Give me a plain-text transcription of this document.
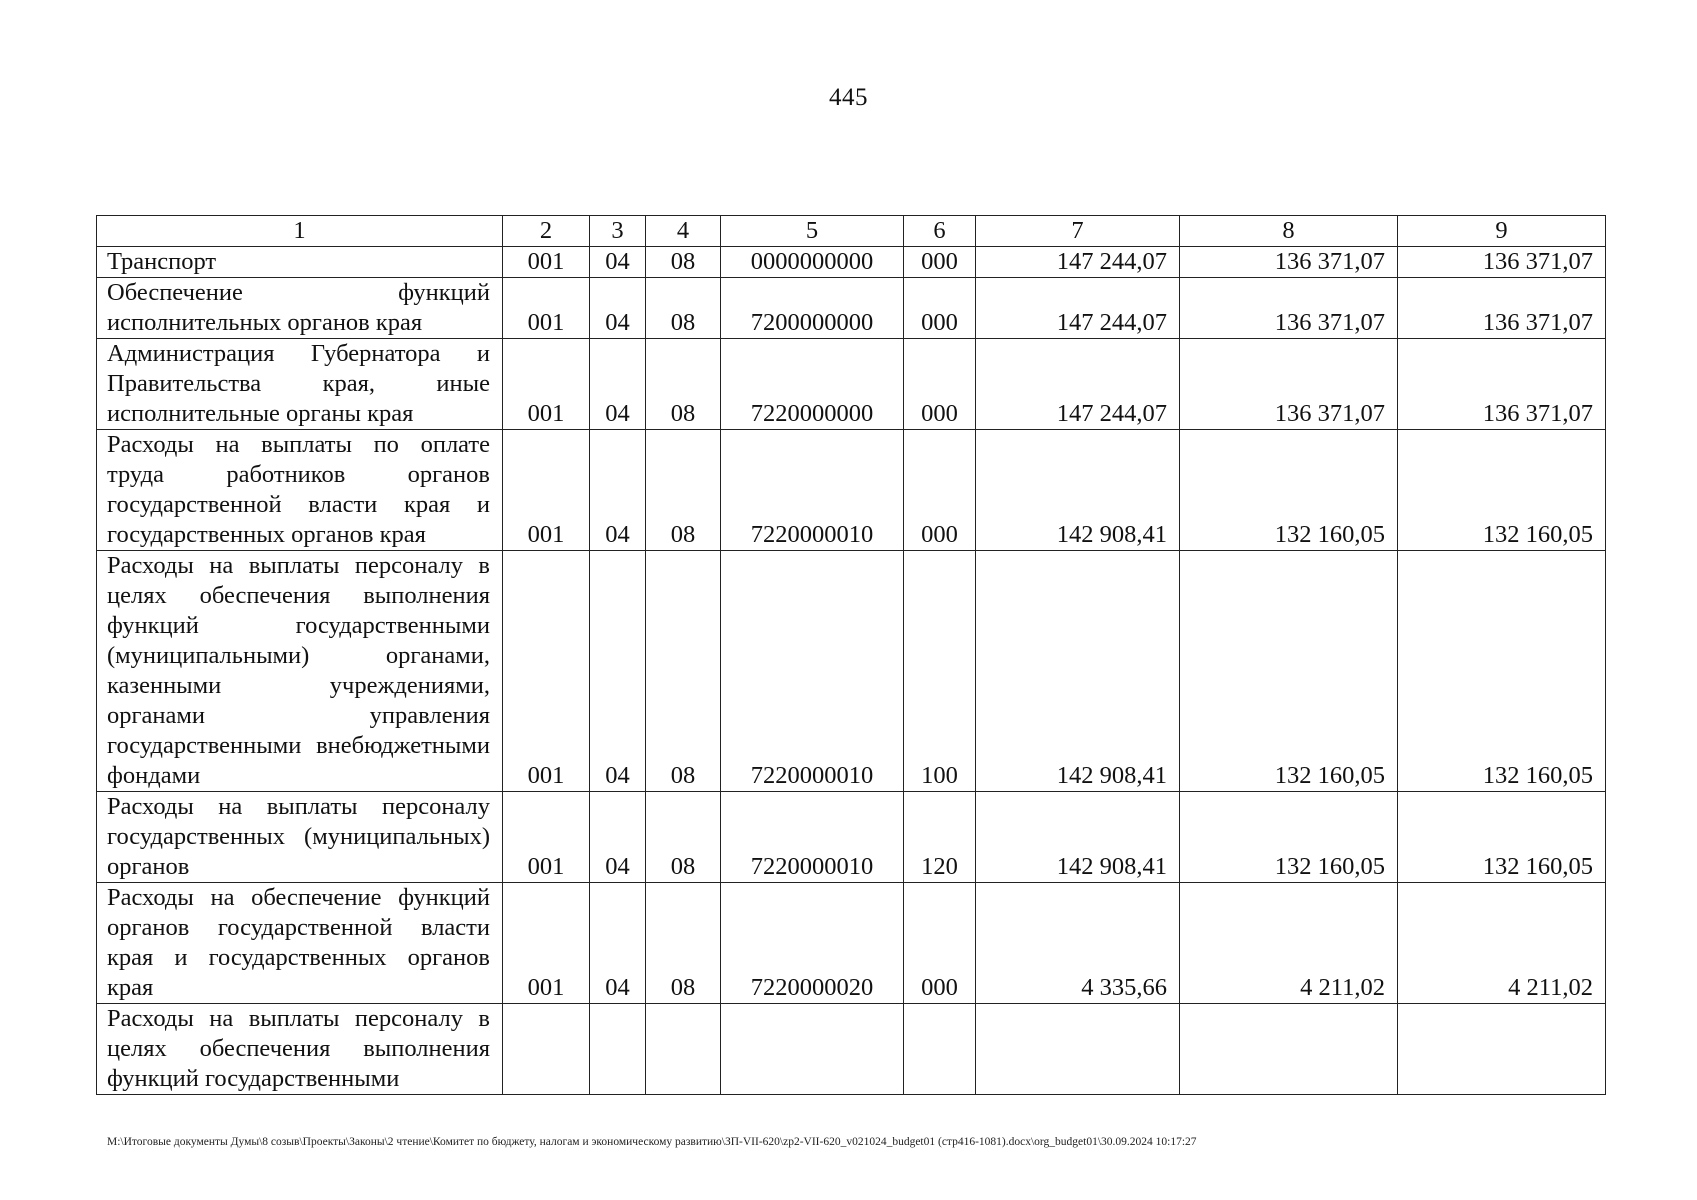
445
1	2	3	4	5	6	7	8	9
Транспорт	001	04	08	0000000000	000	147 244,07	136 371,07	136 371,07
Обеспечение функций исполнительных органов края	001	04	08	7200000000	000	147 244,07	136 371,07	136 371,07
Администрация Губернатора и Правительства края, иные исполнительные органы края	001	04	08	7220000000	000	147 244,07	136 371,07	136 371,07
Расходы на выплаты по оплате труда работников органов государственной власти края и государственных органов края	001	04	08	7220000010	000	142 908,41	132 160,05	132 160,05
Расходы на выплаты персоналу в целях обеспечения выполнения функций государственными (муниципальными) органами, казенными учреждениями, органами управления государственными внебюджетными фондами	001	04	08	7220000010	100	142 908,41	132 160,05	132 160,05
Расходы на выплаты персоналу государственных (муниципальных) органов	001	04	08	7220000010	120	142 908,41	132 160,05	132 160,05
Расходы на обеспечение функций органов государственной власти края и государственных органов края	001	04	08	7220000020	000	4 335,66	4 211,02	4 211,02
Расходы на выплаты персоналу в целях обеспечения выполнения функций государственными								
M:\Итоговые документы Думы\8 созыв\Проекты\Законы\2 чтение\Комитет по бюджету, налогам и экономическому развитию\ЗП-VII-620\zp2-VII-620_v021024_budget01 (стр416-1081).docx\org_budget01\30.09.2024 10:17:27
